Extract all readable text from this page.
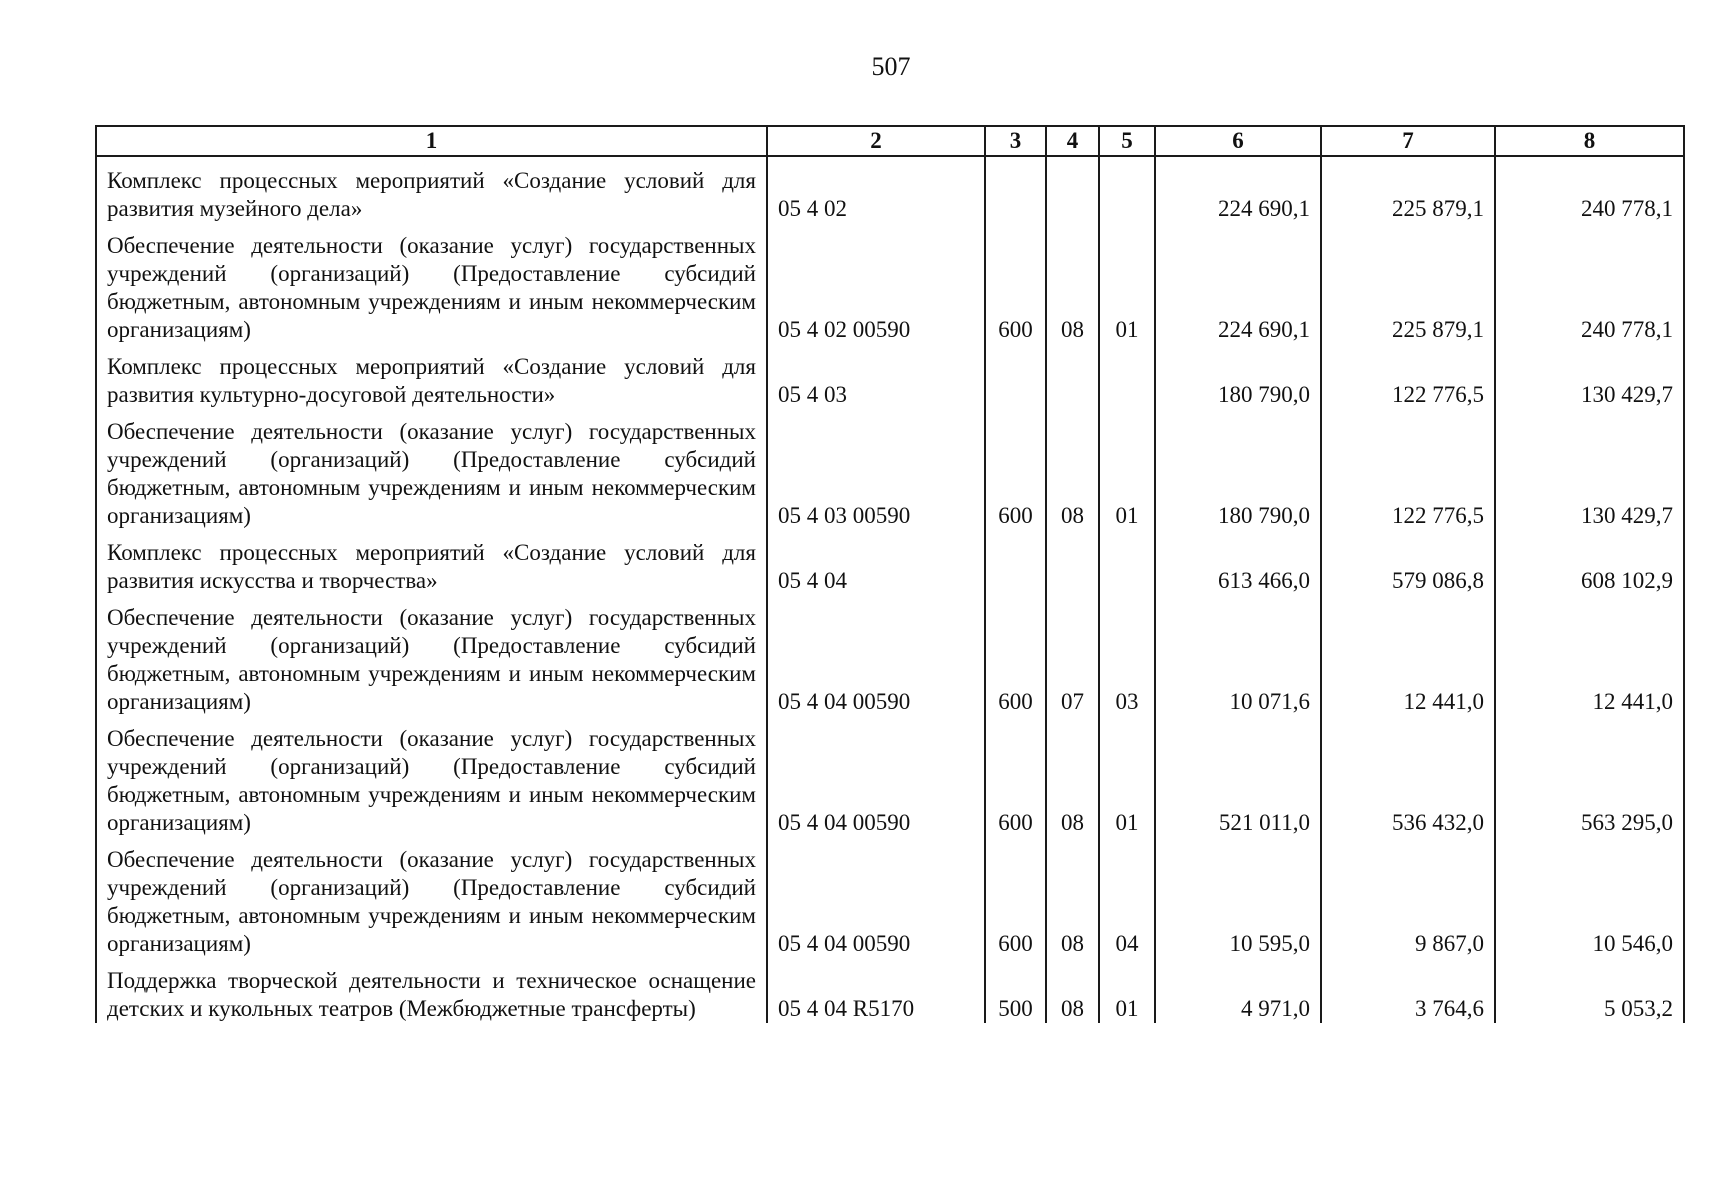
507
1	2	3	4	5	6	7	8
Комплекс процессных мероприятий «Создание условий для развития музейного дела»	05 4 02				224 690,1	225 879,1	240 778,1
Обеспечение деятельности (оказание услуг) государственных учреждений (организаций) (Предоставление субсидий бюджетным, автономным учреждениям и иным некоммерческим организациям)	05 4 02 00590	600	08	01	224 690,1	225 879,1	240 778,1
Комплекс процессных мероприятий «Создание условий для развития культурно-досуговой деятельности»	05 4 03				180 790,0	122 776,5	130 429,7
Обеспечение деятельности (оказание услуг) государственных учреждений (организаций) (Предоставление субсидий бюджетным, автономным учреждениям и иным некоммерческим организациям)	05 4 03 00590	600	08	01	180 790,0	122 776,5	130 429,7
Комплекс процессных мероприятий «Создание условий для развития искусства и творчества»	05 4 04				613 466,0	579 086,8	608 102,9
Обеспечение деятельности (оказание услуг) государственных учреждений (организаций) (Предоставление субсидий бюджетным, автономным учреждениям и иным некоммерческим организациям)	05 4 04 00590	600	07	03	10 071,6	12 441,0	12 441,0
Обеспечение деятельности (оказание услуг) государственных учреждений (организаций) (Предоставление субсидий бюджетным, автономным учреждениям и иным некоммерческим организациям)	05 4 04 00590	600	08	01	521 011,0	536 432,0	563 295,0
Обеспечение деятельности (оказание услуг) государственных учреждений (организаций) (Предоставление субсидий бюджетным, автономным учреждениям и иным некоммерческим организациям)	05 4 04 00590	600	08	04	10 595,0	9 867,0	10 546,0
Поддержка творческой деятельности и техническое оснащение детских и кукольных театров (Межбюджетные трансферты)	05 4 04 R5170	500	08	01	4 971,0	3 764,6	5 053,2
